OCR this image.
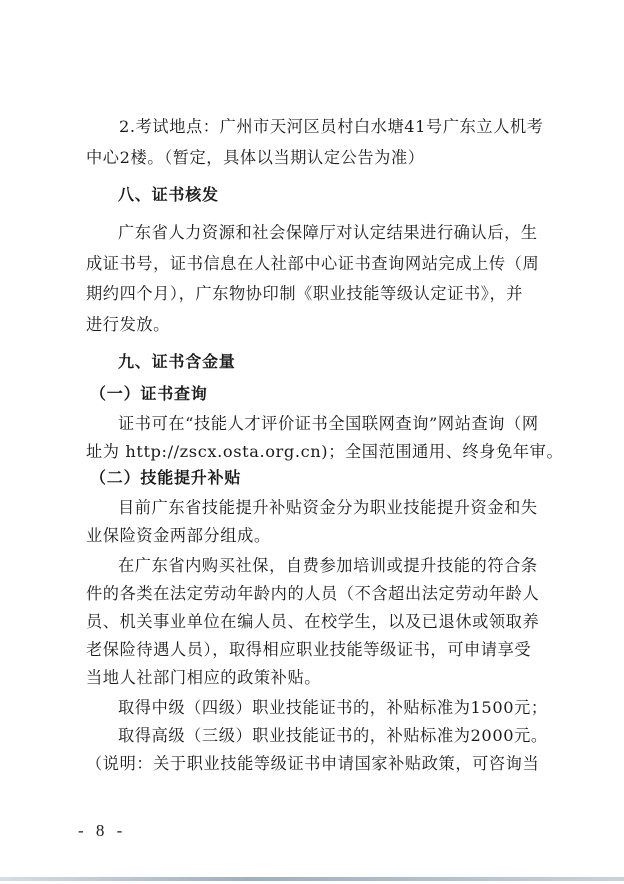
2.考试地点：广州市天河区员村白水塘41号广东立人机考
中心2楼。（暂定，具体以当期认定公告为准）
八、证书核发
广东省人力资源和社会保障厅对认定结果进行确认后，生
成证书号，证书信息在人社部中心证书查询网站完成上传（周
期约四个月），广东物协印制《职业技能等级认定证书》，并
进行发放。
九、证书含金量
（一）证书查询
证书可在“技能人才评价证书全国联网查询”网站查询（网
址为 http://zscx.osta.org.cn)；全国范围通用、终身免年审。
（二）技能提升补贴
目前广东省技能提升补贴资金分为职业技能提升资金和失
业保险资金两部分组成。
在广东省内购买社保，自费参加培训或提升技能的符合条
件的各类在法定劳动年龄内的人员（不含超出法定劳动年龄人
员、机关事业单位在编人员、在校学生，以及已退休或领取养
老保险待遇人员），取得相应职业技能等级证书，可申请享受
当地人社部门相应的政策补贴。
取得中级（四级）职业技能证书的，补贴标准为1500元；
取得高级（三级）职业技能证书的，补贴标准为2000元。
（说明：关于职业技能等级证书申请国家补贴政策，可咨询当
- 8 -
